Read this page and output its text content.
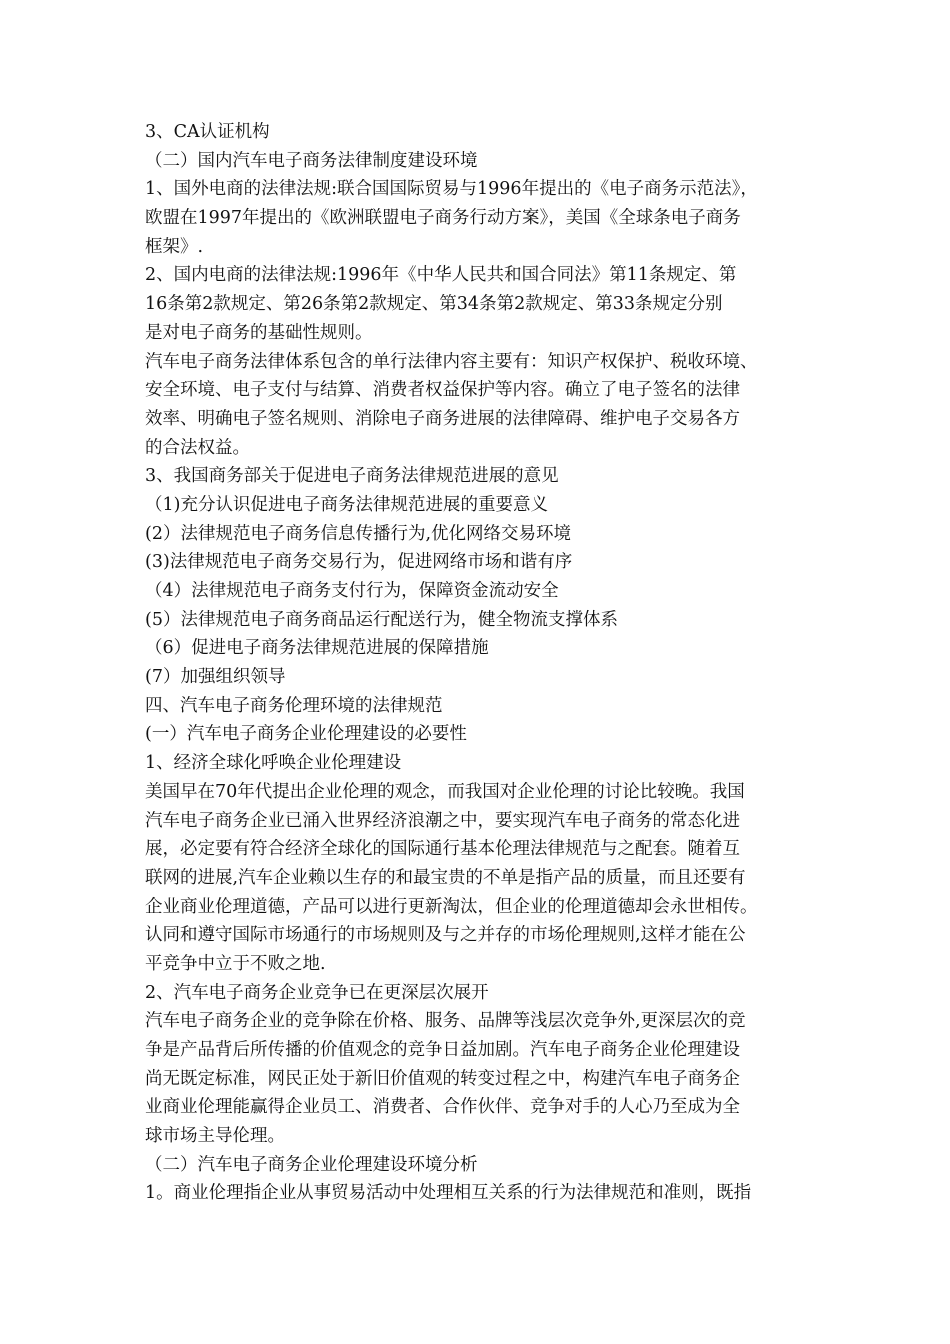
3、CA认证机构
（二）国内汽车电子商务法律制度建设环境
1、国外电商的法律法规:联合国国际贸易与1996年提出的《电子商务示范法》，
欧盟在1997年提出的《欧洲联盟电子商务行动方案》，美国《全球条电子商务
框架》.
2、国内电商的法律法规:1996年《中华人民共和国合同法》第11条规定、第
16条第2款规定、第26条第2款规定、第34条第2款规定、第33条规定分别
是对电子商务的基础性规则。
汽车电子商务法律体系包含的单行法律内容主要有：知识产权保护、税收环境、
安全环境、电子支付与结算、消费者权益保护等内容。确立了电子签名的法律
效率、明确电子签名规则、消除电子商务进展的法律障碍、维护电子交易各方
的合法权益。
3、我国商务部关于促进电子商务法律规范进展的意见
（1)充分认识促进电子商务法律规范进展的重要意义
(2）法律规范电子商务信息传播行为,优化网络交易环境
(3)法律规范电子商务交易行为，促进网络市场和谐有序
（4）法律规范电子商务支付行为，保障资金流动安全
(5）法律规范电子商务商品运行配送行为，健全物流支撑体系
（6）促进电子商务法律规范进展的保障措施
(7）加强组织领导
四、汽车电子商务伦理环境的法律规范
(一）汽车电子商务企业伦理建设的必要性
1、经济全球化呼唤企业伦理建设
美国早在70年代提出企业伦理的观念，而我国对企业伦理的讨论比较晚。我国
汽车电子商务企业已涌入世界经济浪潮之中，要实现汽车电子商务的常态化进
展，必定要有符合经济全球化的国际通行基本伦理法律规范与之配套。随着互
联网的进展,汽车企业赖以生存的和最宝贵的不单是指产品的质量，而且还要有
企业商业伦理道德，产品可以进行更新淘汰，但企业的伦理道德却会永世相传。
认同和遵守国际市场通行的市场规则及与之并存的市场伦理规则,这样才能在公
平竞争中立于不败之地.
2、汽车电子商务企业竞争已在更深层次展开
汽车电子商务企业的竞争除在价格、服务、品牌等浅层次竞争外,更深层次的竞
争是产品背后所传播的价值观念的竞争日益加剧。汽车电子商务企业伦理建设
尚无既定标准，网民正处于新旧价值观的转变过程之中，构建汽车电子商务企
业商业伦理能赢得企业员工、消费者、合作伙伴、竞争对手的人心乃至成为全
球市场主导伦理。
（二）汽车电子商务企业伦理建设环境分析
1。商业伦理指企业从事贸易活动中处理相互关系的行为法律规范和准则，既指
